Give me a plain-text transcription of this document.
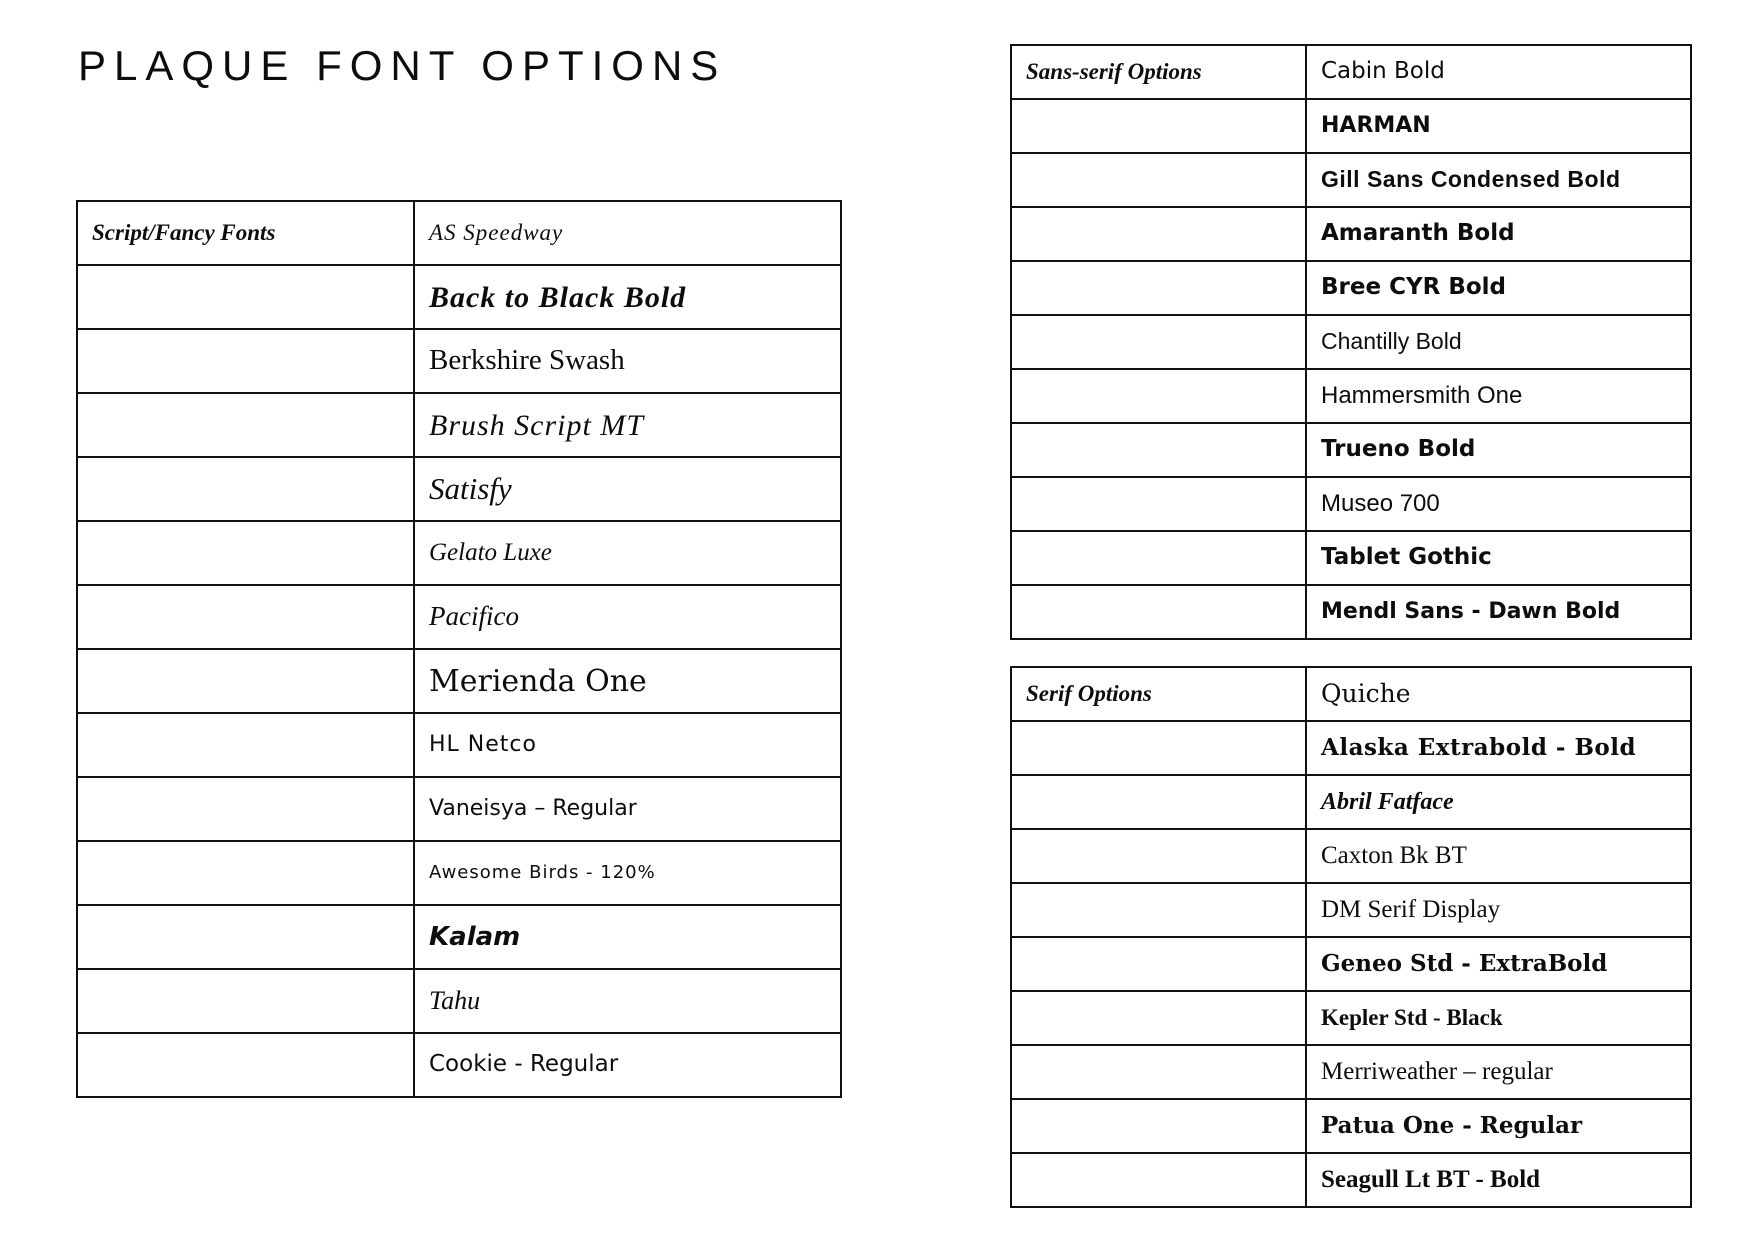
PLAQUE FONT OPTIONS
Script/Fancy Fonts	AS Speedway
	Back to Black Bold
	Berkshire Swash
	Brush Script MT
	Satisfy
	Gelato Luxe
	Pacifico
	Merienda One
	HL Netco
	Vaneisya – Regular
	Awesome Birds - 120%
	Kalam
	Tahu
	Cookie - Regular
Sans-serif Options	Cabin Bold
	HARMAN
	Gill Sans Condensed Bold
	Amaranth Bold
	Bree CYR Bold
	Chantilly Bold
	Hammersmith One
	Trueno Bold
	Museo 700
	Tablet Gothic
	Mendl Sans - Dawn Bold
Serif Options	Quiche
	Alaska Extrabold - Bold
	Abril Fatface
	Caxton Bk BT
	DM Serif Display
	Geneo Std - ExtraBold
	Kepler Std - Black
	Merriweather – regular
	Patua One - Regular
	Seagull Lt BT - Bold
